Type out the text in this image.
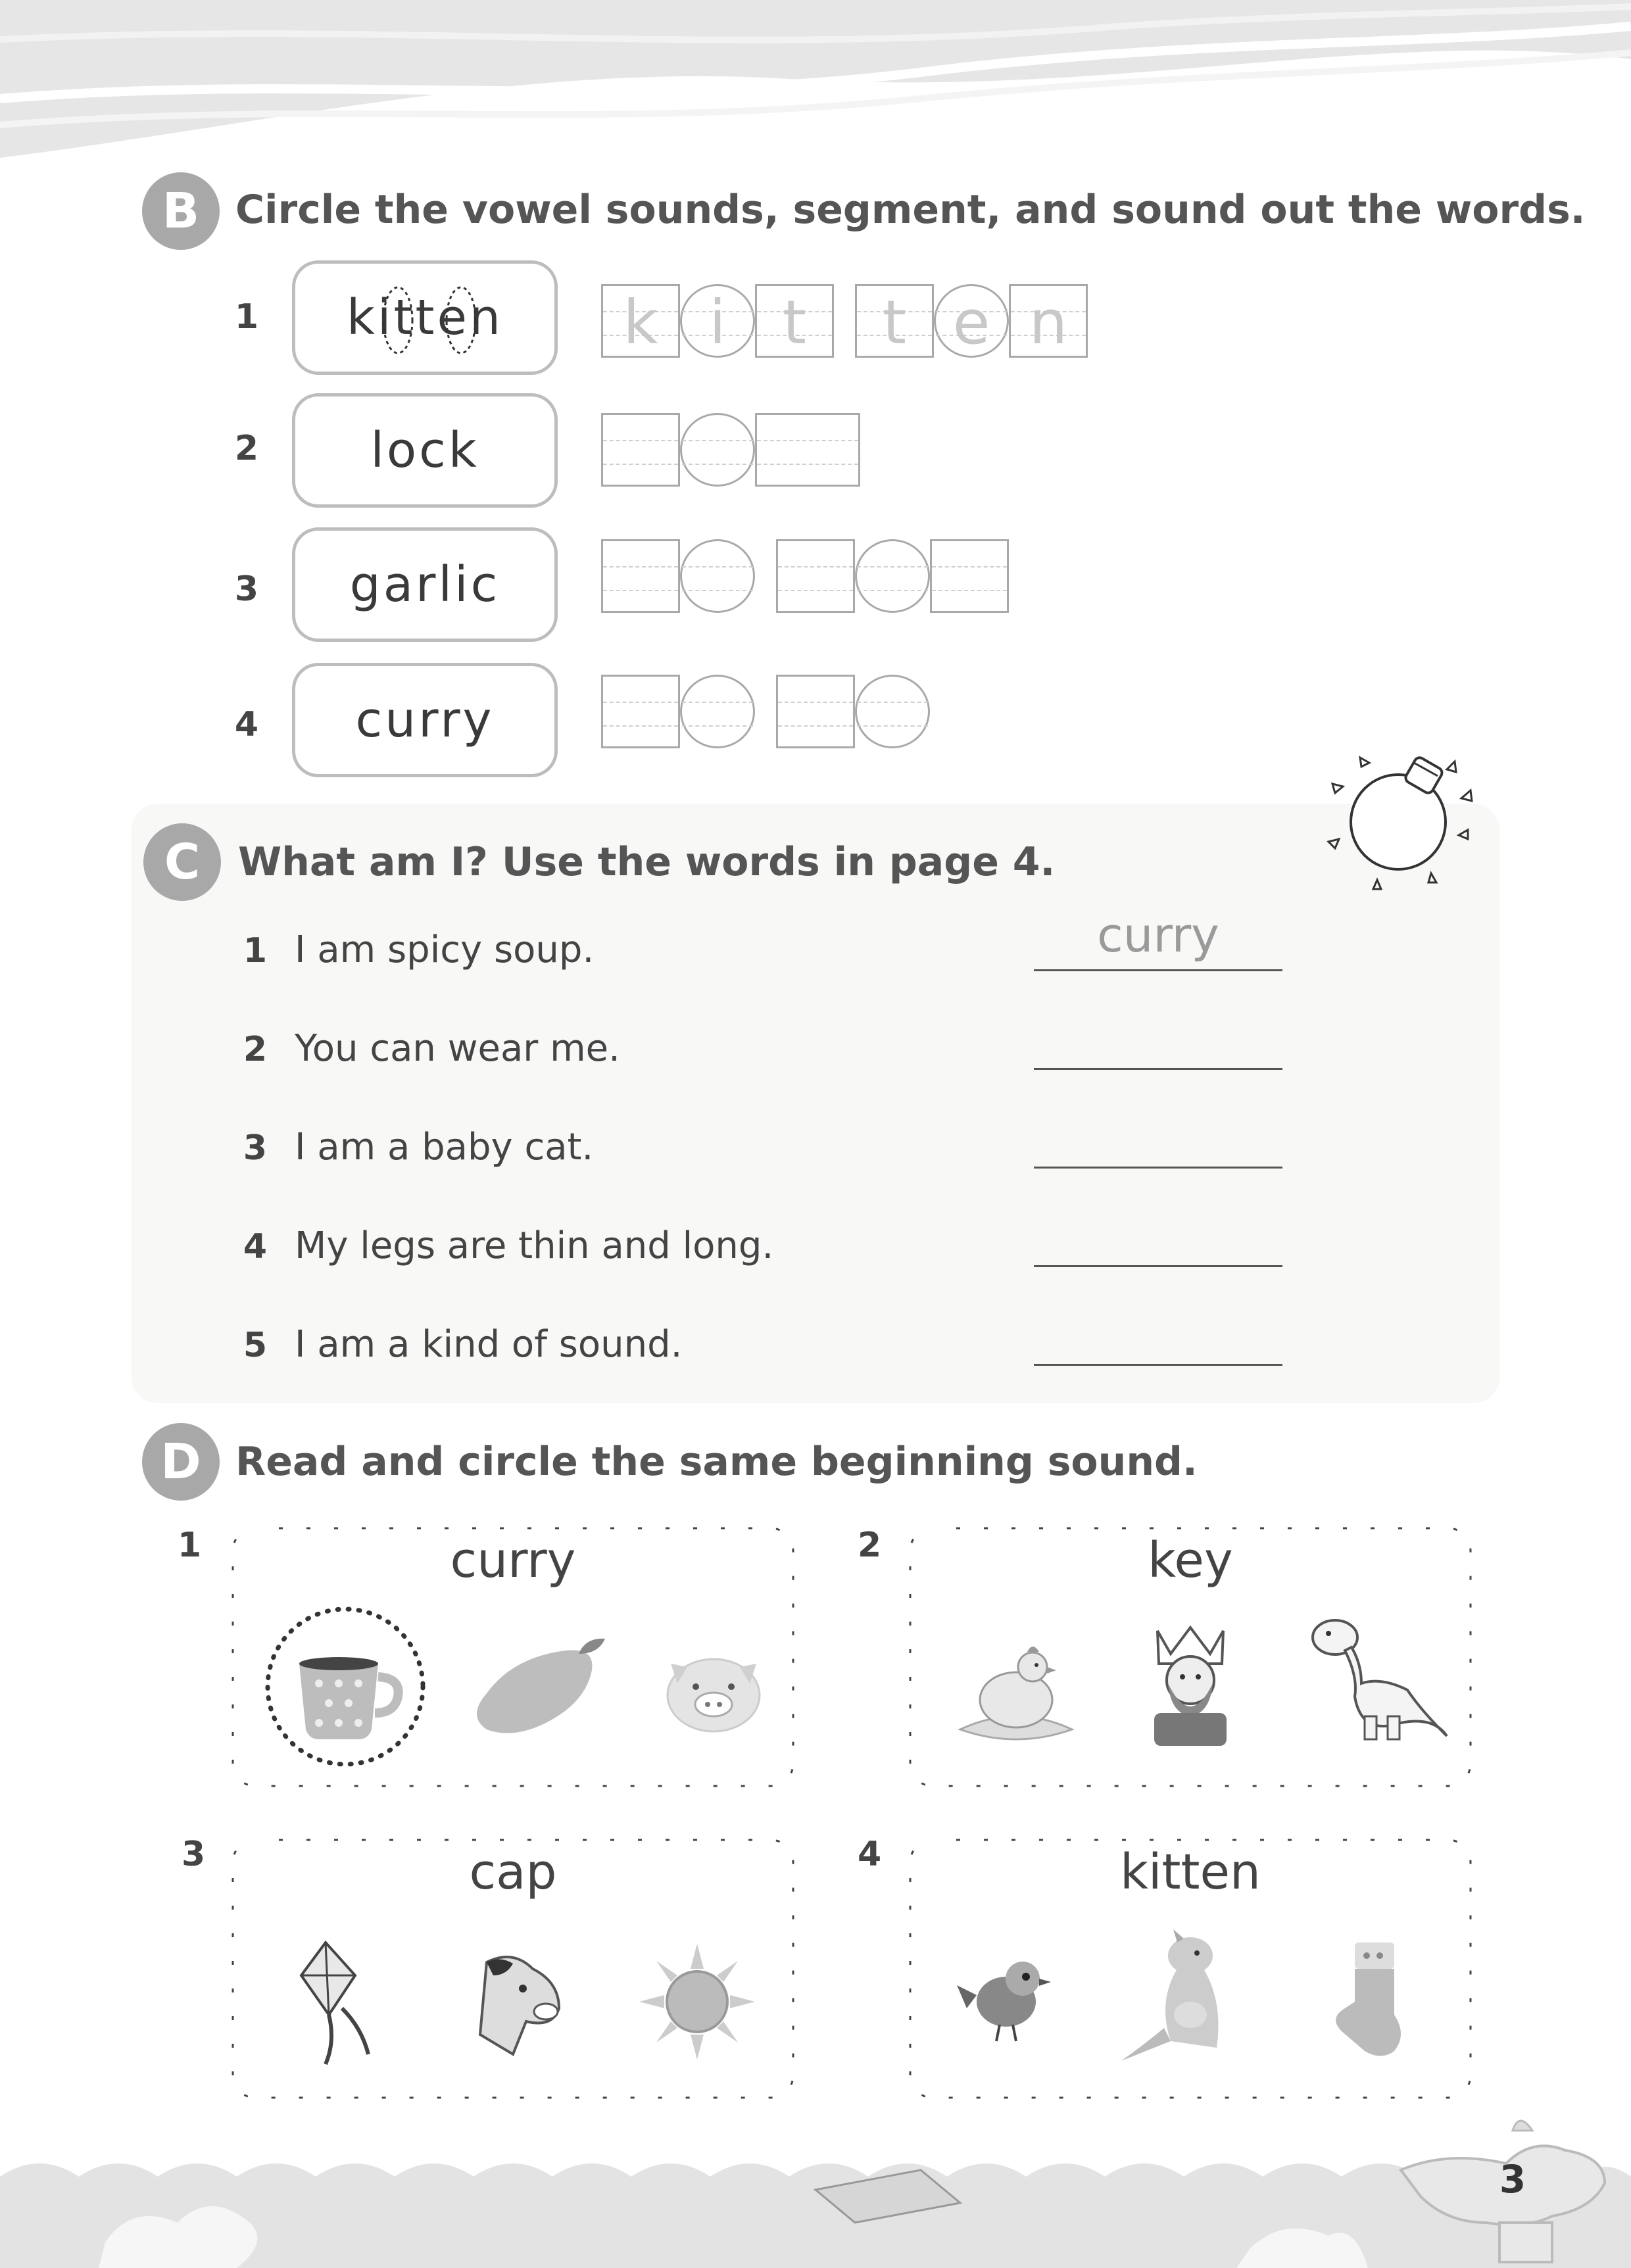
B Circle the vowel sounds, segment, and sound out the words.
1	kitten	k i t	t e n
2	lock
3	garlic
4	curry
C What am I? Use the words in page 4.
1 I am spicy soup.	curry
2 You can wear me.
3 I am a baby cat.
4 My legs are thin and long.
5 I am a kind of sound.
D Read and circle the same beginning sound.
1	curry	2	key
3	cap	4	kitten
3
